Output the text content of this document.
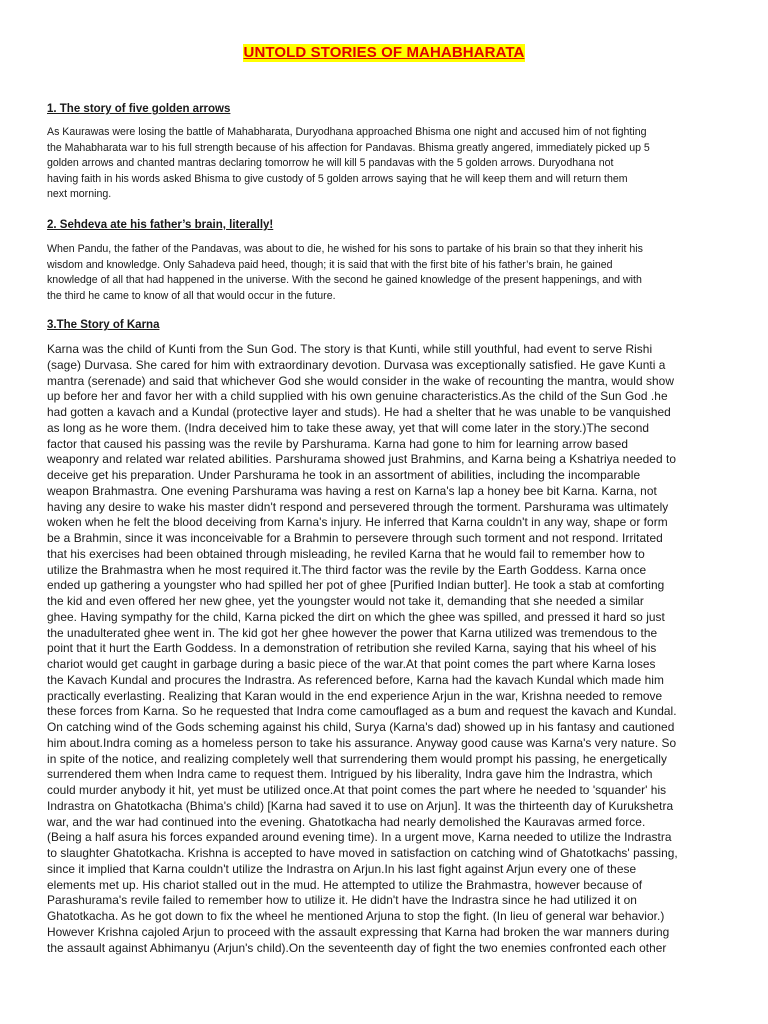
UNTOLD STORIES OF MAHABHARATA
1. The story of five golden arrows
As Kaurawas were losing the battle of Mahabharata, Duryodhana approached Bhisma one night and accused him of not fighting
the Mahabharata war to his full strength because of his affection for Pandavas. Bhisma greatly angered, immediately picked up 5
golden arrows and chanted mantras declaring tomorrow he will kill 5 pandavas with the 5 golden arrows. Duryodhana not
having faith in his words asked Bhisma to give custody of 5 golden arrows saying that he will keep them and will return them
next morning.
2. Sehdeva ate his father’s brain, literally!
When Pandu, the father of the Pandavas, was about to die, he wished for his sons to partake of his brain so that they inherit his
wisdom and knowledge. Only Sahadeva paid heed, though; it is said that with the first bite of his father’s brain, he gained
knowledge of all that had happened in the universe. With the second he gained knowledge of the present happenings, and with
the third he came to know of all that would occur in the future.
3.The Story of Karna
Karna was the child of Kunti from the Sun God. The story is that Kunti, while still youthful, had event to serve Rishi
(sage) Durvasa. She cared for him with extraordinary devotion. Durvasa was exceptionally satisfied. He gave Kunti a
mantra (serenade) and said that whichever God she would consider in the wake of recounting the mantra, would show
up before her and favor her with a child supplied with his own genuine characteristics.As the child of the Sun God .he
had gotten a kavach and a Kundal (protective layer and studs). He had a shelter that he was unable to be vanquished
as long as he wore them. (Indra deceived him to take these away, yet that will come later in the story.)The second
factor that caused his passing was the revile by Parshurama. Karna had gone to him for learning arrow based
weaponry and related war related abilities. Parshurama showed just Brahmins, and Karna being a Kshatriya needed to
deceive get his preparation. Under Parshurama he took in an assortment of abilities, including the incomparable
weapon Brahmastra. One evening Parshurama was having a rest on Karna's lap a honey bee bit Karna. Karna, not
having any desire to wake his master didn't respond and persevered through the torment. Parshurama was ultimately
woken when he felt the blood deceiving from Karna's injury. He inferred that Karna couldn't in any way, shape or form
be a Brahmin, since it was inconceivable for a Brahmin to persevere through such torment and not respond. Irritated
that his exercises had been obtained through misleading, he reviled Karna that he would fail to remember how to
utilize the Brahmastra when he most required it.The third factor was the revile by the Earth Goddess. Karna once
ended up gathering a youngster who had spilled her pot of ghee [Purified Indian butter]. He took a stab at comforting
the kid and even offered her new ghee, yet the youngster would not take it, demanding that she needed a similar
ghee. Having sympathy for the child, Karna picked the dirt on which the ghee was spilled, and pressed it hard so just
the unadulterated ghee went in. The kid got her ghee however the power that Karna utilized was tremendous to the
point that it hurt the Earth Goddess. In a demonstration of retribution she reviled Karna, saying that his wheel of his
chariot would get caught in garbage during a basic piece of the war.At that point comes the part where Karna loses
the Kavach Kundal and procures the Indrastra. As referenced before, Karna had the kavach Kundal which made him
practically everlasting. Realizing that Karan would in the end experience Arjun in the war, Krishna needed to remove
these forces from Karna. So he requested that Indra come camouflaged as a bum and request the kavach and Kundal.
On catching wind of the Gods scheming against his child, Surya (Karna's dad) showed up in his fantasy and cautioned
him about.Indra coming as a homeless person to take his assurance. Anyway good cause was Karna's very nature. So
in spite of the notice, and realizing completely well that surrendering them would prompt his passing, he energetically
surrendered them when Indra came to request them. Intrigued by his liberality, Indra gave him the Indrastra, which
could murder anybody it hit, yet must be utilized once.At that point comes the part where he needed to 'squander' his
Indrastra on Ghatotkacha (Bhima's child) [Karna had saved it to use on Arjun]. It was the thirteenth day of Kurukshetra
war, and the war had continued into the evening. Ghatotkacha had nearly demolished the Kauravas armed force.
(Being a half asura his forces expanded around evening time). In a urgent move, Karna needed to utilize the Indrastra
to slaughter Ghatotkacha. Krishna is accepted to have moved in satisfaction on catching wind of Ghatotkachs' passing,
since it implied that Karna couldn't utilize the Indrastra on Arjun.In his last fight against Arjun every one of these
elements met up. His chariot stalled out in the mud. He attempted to utilize the Brahmastra, however because of
Parashurama's revile failed to remember how to utilize it. He didn't have the Indrastra since he had utilized it on
Ghatotkacha. As he got down to fix the wheel he mentioned Arjuna to stop the fight. (In lieu of general war behavior.)
However Krishna cajoled Arjun to proceed with the assault expressing that Karna had broken the war manners during
the assault against Abhimanyu (Arjun's child).On the seventeenth day of fight the two enemies confronted each other
